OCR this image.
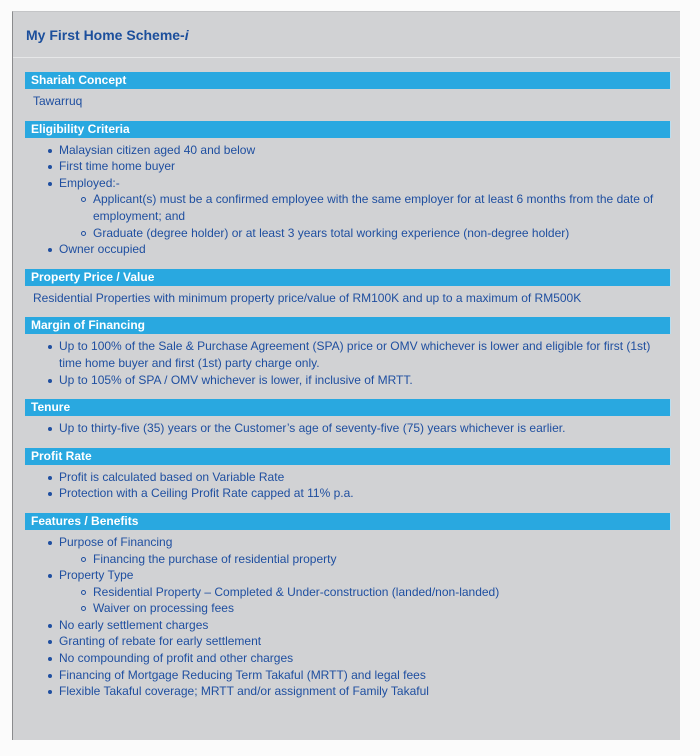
My First Home Scheme-i
Shariah Concept
Tawarruq
Eligibility Criteria
Malaysian citizen aged 40 and below
First time home buyer
Employed:-
Applicant(s) must be a confirmed employee with the same employer for at least 6 months from the date of employment; and
Graduate (degree holder) or at least 3 years total working experience (non-degree holder)
Owner occupied
Property Price / Value
Residential Properties with minimum property price/value of RM100K and up to a maximum of RM500K
Margin of Financing
Up to 100% of the Sale & Purchase Agreement (SPA) price or OMV whichever is lower and eligible for first (1st) time home buyer and first (1st) party charge only.
Up to 105% of SPA / OMV whichever is lower, if inclusive of MRTT.
Tenure
Up to thirty-five (35) years or the Customer’s age of seventy-five (75) years whichever is earlier.
Profit Rate
Profit is calculated based on Variable Rate
Protection with a Ceiling Profit Rate capped at 11% p.a.
Features / Benefits
Purpose of Financing
Financing the purchase of residential property
Property Type
Residential Property – Completed & Under-construction (landed/non-landed)
Waiver on processing fees
No early settlement charges
Granting of rebate for early settlement
No compounding of profit and other charges
Financing of Mortgage Reducing Term Takaful (MRTT) and legal fees
Flexible Takaful coverage; MRTT and/or assignment of Family Takaful
